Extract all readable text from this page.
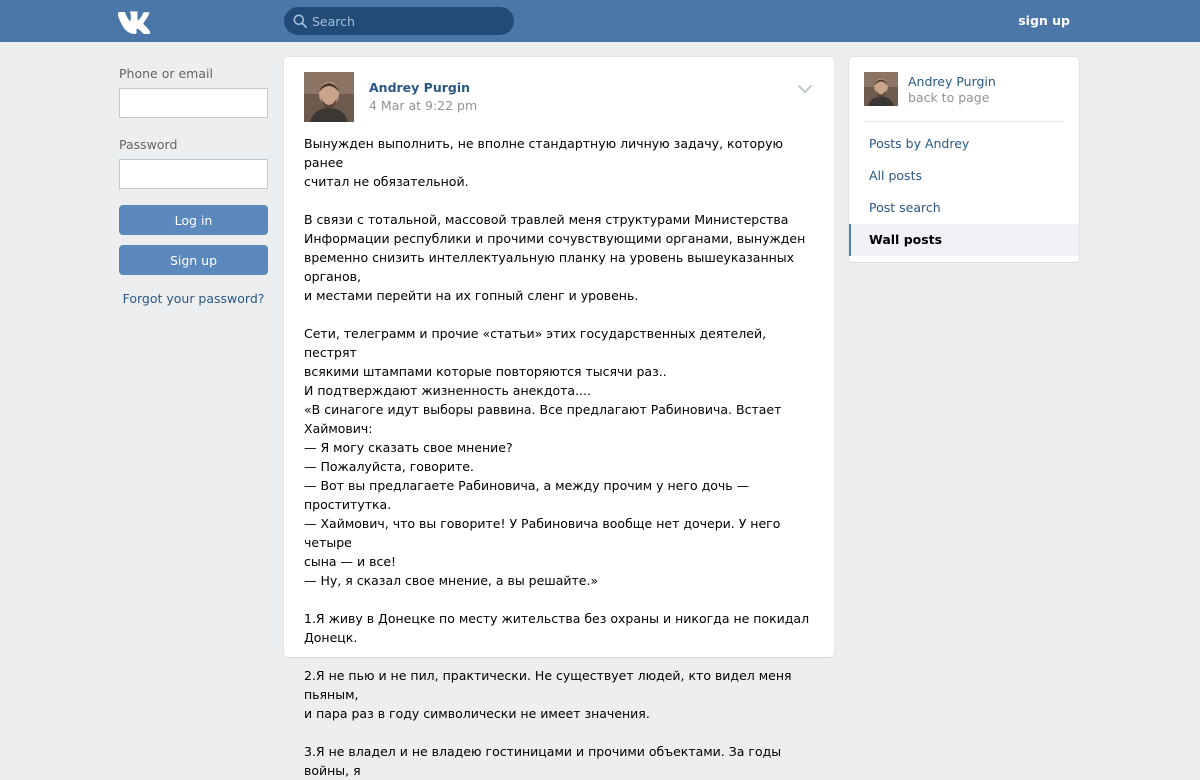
Search
sign up
Phone or email
Password
Log in
Sign up
Forgot your password?
Andrey Purgin
4 Mar at 9:22 pm
Вынужден выполнить, не вполне стандартную личную задачу, которую ранее
считал не обязательной.
В связи с тотальной, массовой травлей меня структурами Министерства
Информации республики и прочими сочувствующими органами, вынужден
временно снизить интеллектуальную планку на уровень вышеуказанных органов,
и местами перейти на их гопный сленг и уровень.
Сети, телеграмм и прочие «статьи» этих государственных деятелей, пестрят
всякими штампами которые повторяются тысячи раз..
И подтверждают жизненность анекдота....
«В синагоге идут выборы раввина. Все предлагают Рабиновича. Встает Хаймович:
— Я могу сказать свое мнение?
— Пожалуйста, говорите.
— Вот вы предлагаете Рабиновича, а между прочим у него дочь — проститутка.
— Хаймович, что вы говорите! У Рабиновича вообще нет дочери. У него четыре
сына — и все!
— Ну, я сказал свое мнение, а вы решайте.»
1.Я живу в Донецке по месту жительства без охраны и никогда не покидал
Донецк.
2.Я не пью и не пил, практически. Не существует людей, кто видел меня пьяным,
и пара раз в году символически не имеет значения.
3.Я не владел и не владею гостиницами и прочими объектами. За годы войны, я
Andrey Purgin
back to page
Posts by Andrey
All posts
Post search
Wall posts
